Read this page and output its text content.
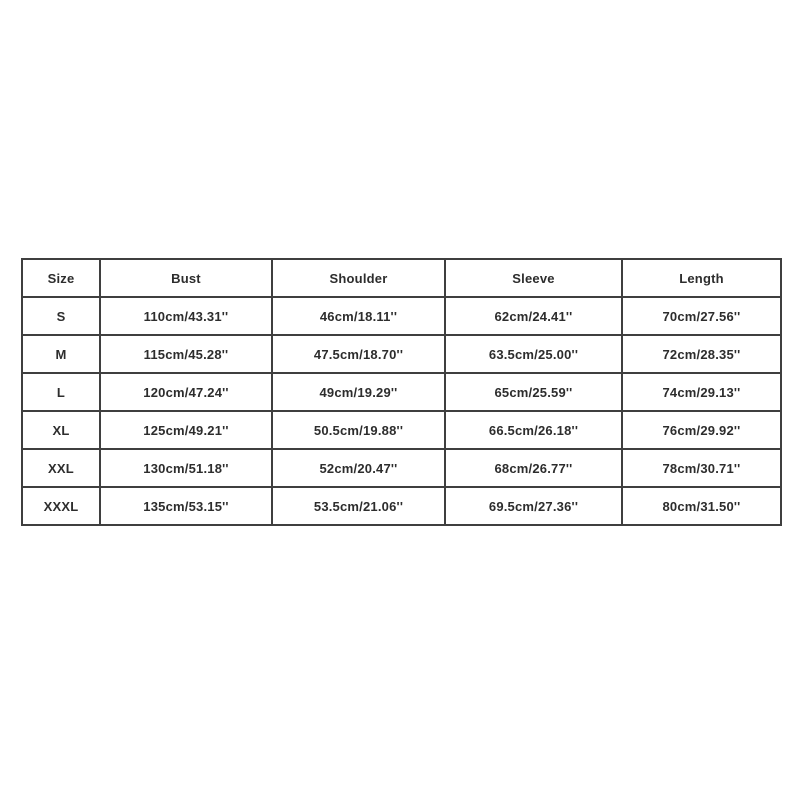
Size	Bust	Shoulder	Sleeve	Length
S	110cm/43.31''	46cm/18.11''	62cm/24.41''	70cm/27.56''
M	115cm/45.28''	47.5cm/18.70''	63.5cm/25.00''	72cm/28.35''
L	120cm/47.24''	49cm/19.29''	65cm/25.59''	74cm/29.13''
XL	125cm/49.21''	50.5cm/19.88''	66.5cm/26.18''	76cm/29.92''
XXL	130cm/51.18''	52cm/20.47''	68cm/26.77''	78cm/30.71''
XXXL	135cm/53.15''	53.5cm/21.06''	69.5cm/27.36''	80cm/31.50''
